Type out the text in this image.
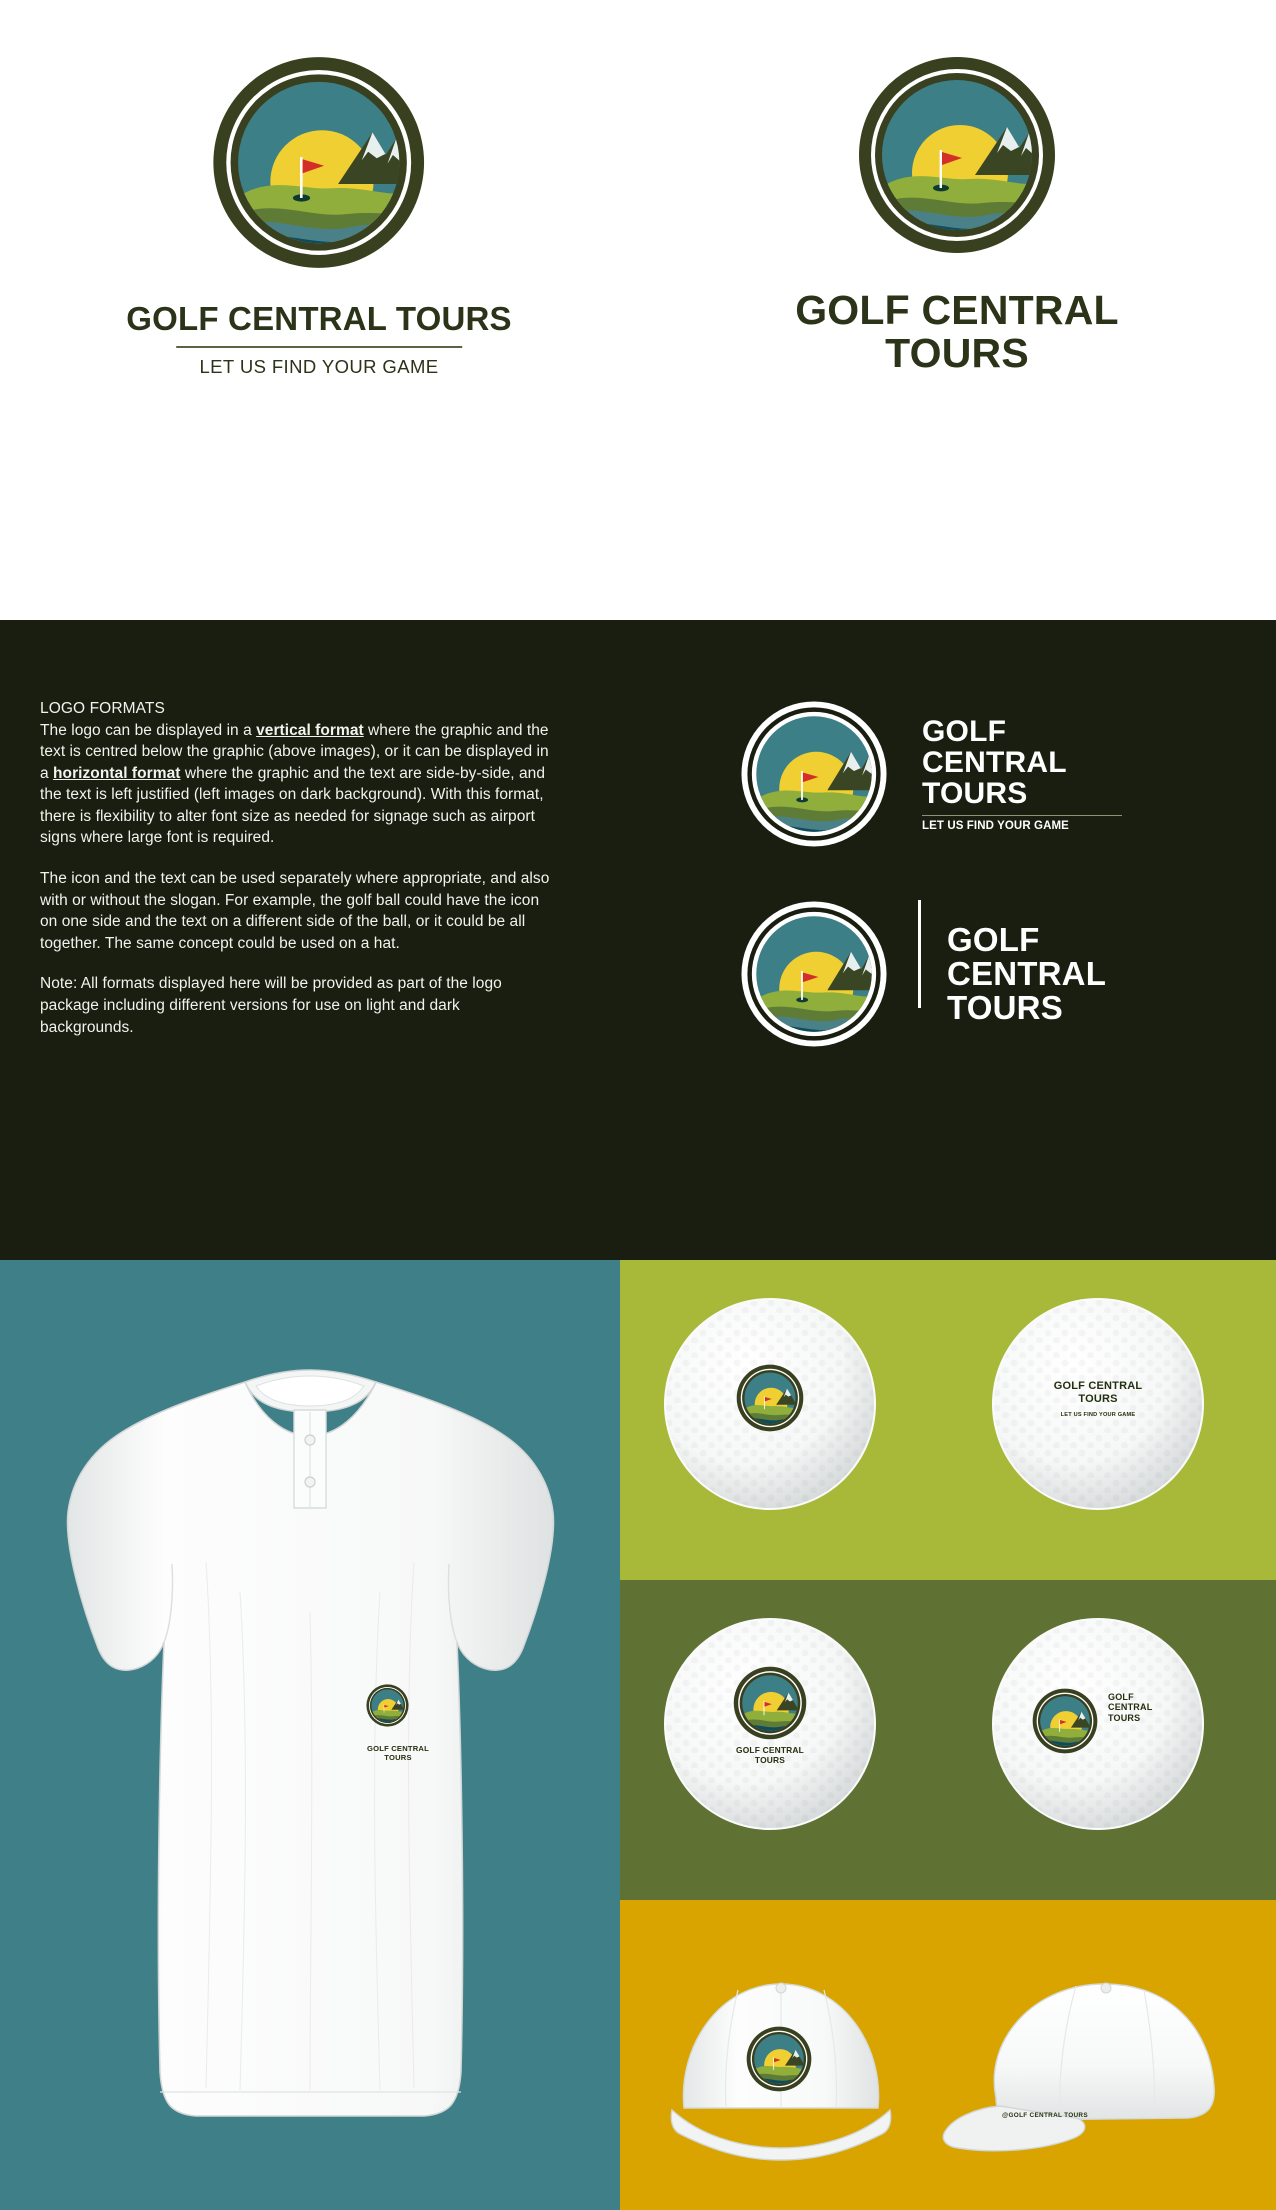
GOLF CENTRAL TOURS
LET US FIND YOUR GAME
GOLF CENTRAL
TOURS
LOGO FORMATS

The logo can be displayed in a vertical format where the graphic and the text is centred below the graphic (above images), or it can be displayed in a horizontal format where the graphic and the text are side-by-side, and the text is left justified (left images on dark background). With this format, there is flexibility to alter font size as needed for signage such as airport signs where large font is required.

The icon and the text can be used separately where appropriate, and also with or without the slogan. For example, the golf ball could have the icon on one side and the text on a different side of the ball, or it could be all together. The same concept could be used on a hat.

Note: All formats displayed here will be provided as part of the logo package including different versions for use on light and dark backgrounds.

GOLF
CENTRAL
TOURS
LET US FIND YOUR GAME
GOLF
CENTRAL
TOURS
GOLF CENTRAL
TOURS
GOLF CENTRAL
TOURS
LET US FIND YOUR GAME
GOLF CENTRAL
TOURS
GOLF
CENTRAL
TOURS
@GOLF CENTRAL TOURS
